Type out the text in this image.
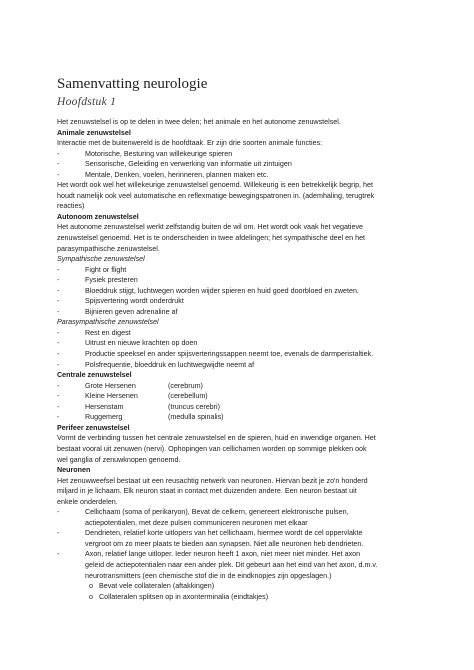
Samenvatting neurologie
Hoofdstuk 1
Het zenuwstelsel is op te delen in twee delen; het animale en het autonome zenuwstelsel.
Animale zenuwstelsel
Interactie met de buitenwereld is de hoofdtaak. Er zijn drie soorten animale functies:
-	Motorische, Besturing van willekeurige spieren
-	Sensorische, Geleiding en verwerking van informatie uit zintuigen
-	Mentale, Denken, voelen, herinneren, plannen maken etc.
Het wordt ook wel het willekeurige zenuwstelsel genoemd. Willekeurig is een betrekkelijk begrip, het
houdt namelijk ook veel automatische en reflexmatige bewegingspatronen in. (ademhaling, terugtrek
reacties)
Autonoom zenuwstelsel
Het autonome zenuwstelsel werkt zelfstandig buiten de wil om. Het wordt ook vaak het vegatieve
zenuwstelsel genoemd. Het is te onderscheiden in twee afdelingen; het sympathische deel en het
parasympathische zenuwstelsel.
Sympathische zenuwstelsel
-	Fight or flight
-	Fysiek presteren
-	Bloeddruk stijgt, luchtwegen worden wijder spieren en huid goed doorbloed en zweten.
-	Spijsvertering wordt onderdrukt
-	Bijnieren geven adrenaline af
Parasympathische zenuwstelsel
-	Rest en digest
-	Uitrust en nieuwe krachten op doen
-	Productie speeksel en ander spijsverteringssappen neemt toe, evenals de darmperistaltiek.
-	Polsfrequentie, bloeddruk en luchtwegwijdte neemt af
Centrale zenuwstelsel
-	Grote Hersenen	(cerebrum)
-	Kleine Hersenen	(cerebellum)
-	Hersenstam	(truncus cerebri)
-	Ruggemerg	(medulla spinalis)
Perifeer zenuwstelsel
Vormt de verbinding tussen het centrale zenuwstelsel en de spieren, huid en inwendige organen. Het
bestaat vooral uit zenuwen (nervi). Ophopingen van cellichamen worden op sommige plekken ook
wel ganglia of zenuwknopen genoemd.
Neuronen
Het zenuwweefsel bestaat uit een reusachtig netwerk van neuronen. Hiervan bezit je zo'n honderd
miljard in je lichaam. Elk neuron staat in contact met duizenden andere. Een neuron bestaat uit
enkele onderdelen.
-	Cellichaam (soma of perikaryon), Bevat de celkern, genereert elektronische pulsen,
actiepotentialen, met deze pulsen communiceren neuronen met elkaar
-	Dendrieten, relatief korte uitlopers van het cellichaam, hiermee wordt de cel oppervlakte
vergroot om zo meer plaats te bieden aan synapsen. Niet alle neuronen heb dendrieten.
-	Axon, relatief lange uitloper. Ieder neuron heeft 1 axon, niet meer niet minder. Het axon
geleid de actiepotentialen naar een ander plek. Dit gebeurt aan het eind van het axon, d.m.v.
neurotransmitters (een chemische stof die in de eindknopjes zijn opgeslagen.)
o Bevat vele collateralen (aftakkingen)
o Collateralen splitsen op in axonterminalia (eindtakjes)
